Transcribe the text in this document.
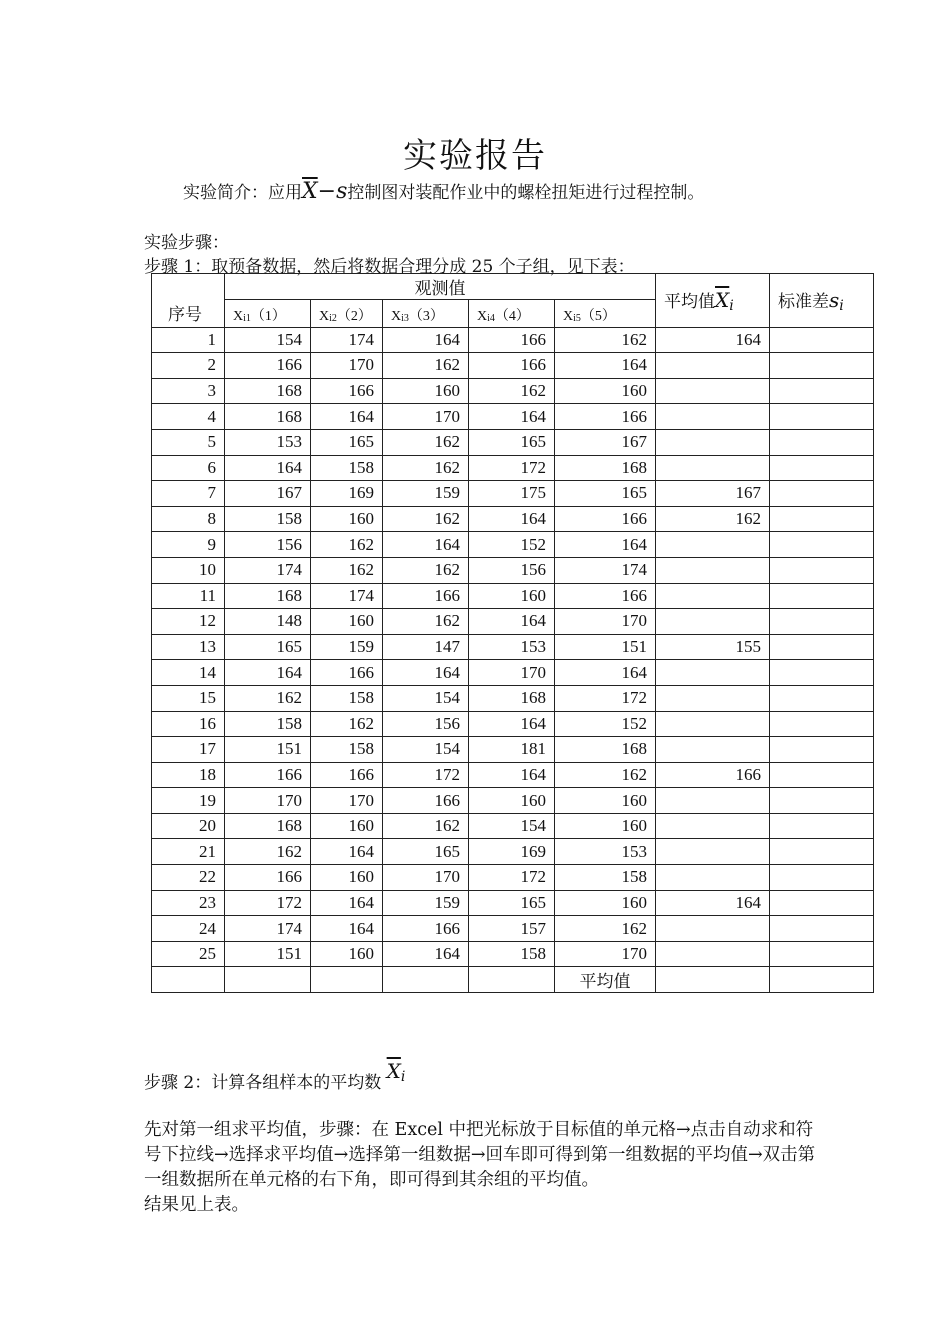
实验报告
实验简介：应用$\overline{X}-s$控制图对装配作业中的螺栓扭矩进行过程控制。
实验步骤：
步骤 1：取预备数据，然后将数据合理分成 25 个子组，见下表：
序号	观测值					平均值$\overline{X}_i$	标准差$s_i$
	Xi1（1）	Xi2（2）	Xi3（3）	Xi4（4）	Xi5（5）		
1	154	174	164	166	162	164	
2	166	170	162	166	164		
3	168	166	160	162	160		
4	168	164	170	164	166		
5	153	165	162	165	167		
6	164	158	162	172	168		
7	167	169	159	175	165	167	
8	158	160	162	164	166	162	
9	156	162	164	152	164		
10	174	162	162	156	174		
11	168	174	166	160	166		
12	148	160	162	164	170		
13	165	159	147	153	151	155	
14	164	166	164	170	164		
15	162	158	154	168	172		
16	158	162	156	164	152		
17	151	158	154	181	168		
18	166	166	172	164	162	166	
19	170	170	166	160	160		
20	168	160	162	154	160		
21	162	164	165	169	153		
22	166	160	170	172	158		
23	172	164	159	165	160	164	
24	174	164	166	157	162		
25	151	160	164	158	170		
					平均值		
步骤 2：计算各组样本的平均数 $\overline{X}_i$

先对第一组求平均值，步骤：在 Excel 中把光标放于目标值的单元格→点击自动求和符号下拉线→选择求平均值→选择第一组数据→回车即可得到第一组数据的平均值→双击第一组数据所在单元格的右下角，即可得到其余组的平均值。

结果见上表。
